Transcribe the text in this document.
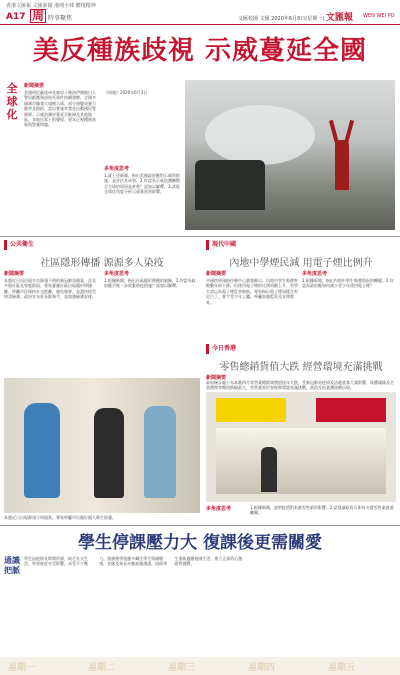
香港文匯報 文匯新聞 港聞全球 體現精神
A17 周 時事聚焦	文匯校園 文匯 2020年6月8日(星期一) 文匯報 WEN WEI PO
美反種族歧視 示威蔓延全國
全球化
新聞摘要
美國明尼蘇達州非裔男子佛洛伊德被白人警員跪壓頸部致死事件持續發酵，全國多個城市爆發大規模示威，部分演變成暴力衝突及搶掠，當局實施宵禁並出動國民警衛隊。示威浪潮更蔓延至歐洲及其他地區，各地民眾上街聲援，要求正視種族歧視與警暴問題。
《明報》2020年6月3日
多角度思考
1.就上述新聞，指出美國政府應對示威的措施，並評估其成效。2.你認為示威浪潮擴散至全球的原因是甚麼？試加以解釋。3.試從全球化角度分析示威蔓延的影響。
公共衛生
社區隱形傳播 源源多人染疫
新聞摘要
本港近日再出現多宗源頭不明的新冠肺炎個案，涉及多個社區及家庭群組，專家憂慮社區出現隱形傳播鏈，呼籲市民保持社交距離，避免聚會，並盡快接受病毒檢測。政府宣布延長限聚令，並加強檢測安排。
多角度思考
1.根據新聞，指出社區隱形傳播的風險。2.你認為政府應否進一步收緊防疫措施？試加以解釋。
本港近日出現源頭不明個案，專家呼籲市民做好個人衞生防護。
現代中國
內地中學煙民減 用電子煙比例升
新聞摘要
中國疾病預防控制中心調查顯示，內地中學生吸煙率較數年前下降，但使用電子煙的比例明顯上升，有學生誤以為電子煙危害較低。專家指出電子煙同樣含有尼古丁，會令青少年上癮，呼籲加強監管及宣傳教育。
多角度思考
1.根據新聞，指出內地中學生吸煙情況的轉變。2.你認為政府應如何減少青少年使用電子煙？
今日香港
零售總銷貨值大跌 經營環境充滿挑戰
新聞摘要
政府統計處公布本港四月零售業總銷貨價值按年大跌，受新冠肺炎疫情及訪港旅客大減影響，珠寶鐘錶及名貴禮物等類別跌幅最大，零售業界形容經營環境充滿挑戰，裁員及結業潮陸續出現。
多角度思考	1.根據新聞，說明疫情對本港零售業的影響。2.試建議政府可如何支援零售業渡過難關。
學生停課壓力大 復課後更需關愛
通識把脈
學生因疫情長時間停課，缺乏社交生活，學習進度亦受影響，承受不少壓力。復課後學校應多關注學生情緒健康，老師及家長亦應加強溝通，協助學生重新適應校園生活，建立正面的心態面對挑戰。
星期一	星期二	星期三	星期四	星期五
